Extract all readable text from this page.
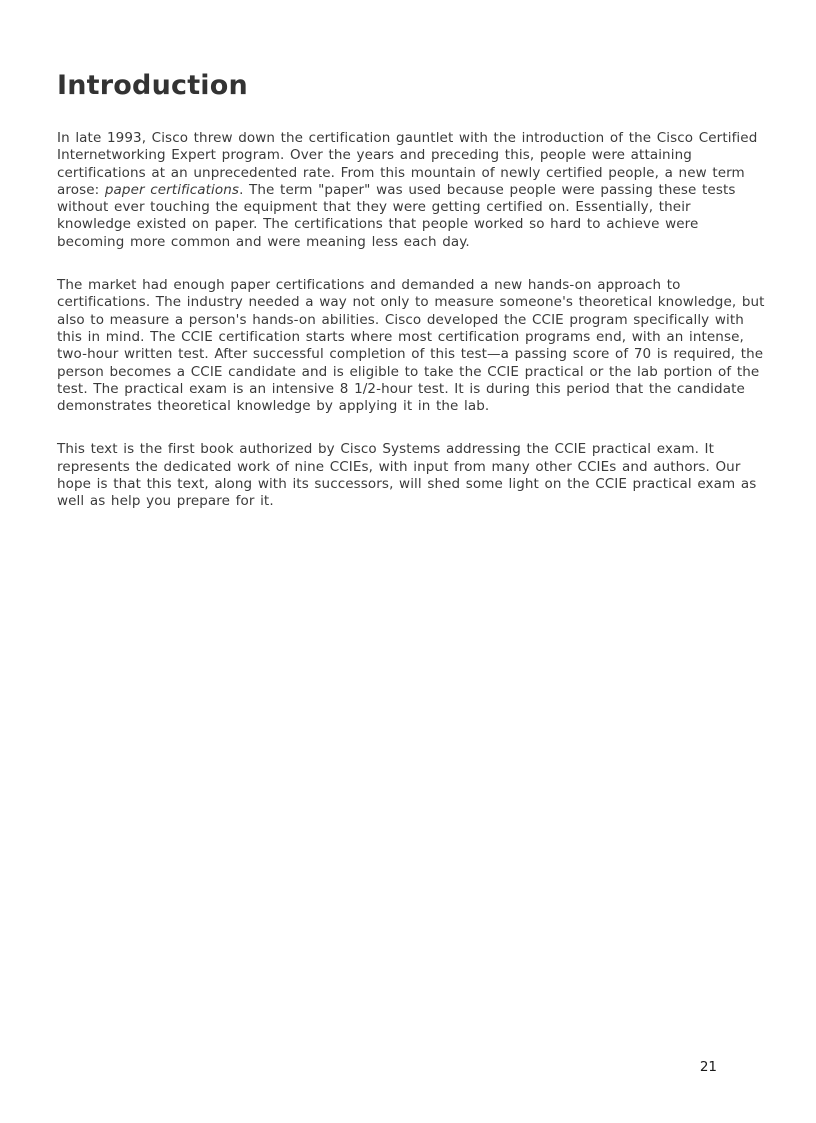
Introduction

In late 1993, Cisco threw down the certification gauntlet with the introduction of the Cisco Certified Internetworking Expert program. Over the years and preceding this, people were attaining certifications at an unprecedented rate. From this mountain of newly certified people, a new term arose: paper certifications. The term "paper" was used because people were passing these tests without ever touching the equipment that they were getting certified on. Essentially, their knowledge existed on paper. The certifications that people worked so hard to achieve were becoming more common and were meaning less each day.

The market had enough paper certifications and demanded a new hands-on approach to certifications. The industry needed a way not only to measure someone's theoretical knowledge, but also to measure a person's hands-on abilities. Cisco developed the CCIE program specifically with this in mind. The CCIE certification starts where most certification programs end, with an intense, two-hour written test. After successful completion of this test—a passing score of 70 is required, the person becomes a CCIE candidate and is eligible to take the CCIE practical or the lab portion of the test. The practical exam is an intensive 8 1/2-hour test. It is during this period that the candidate demonstrates theoretical knowledge by applying it in the lab.

This text is the first book authorized by Cisco Systems addressing the CCIE practical exam. It represents the dedicated work of nine CCIEs, with input from many other CCIEs and authors. Our hope is that this text, along with its successors, will shed some light on the CCIE practical exam as well as help you prepare for it.

21
